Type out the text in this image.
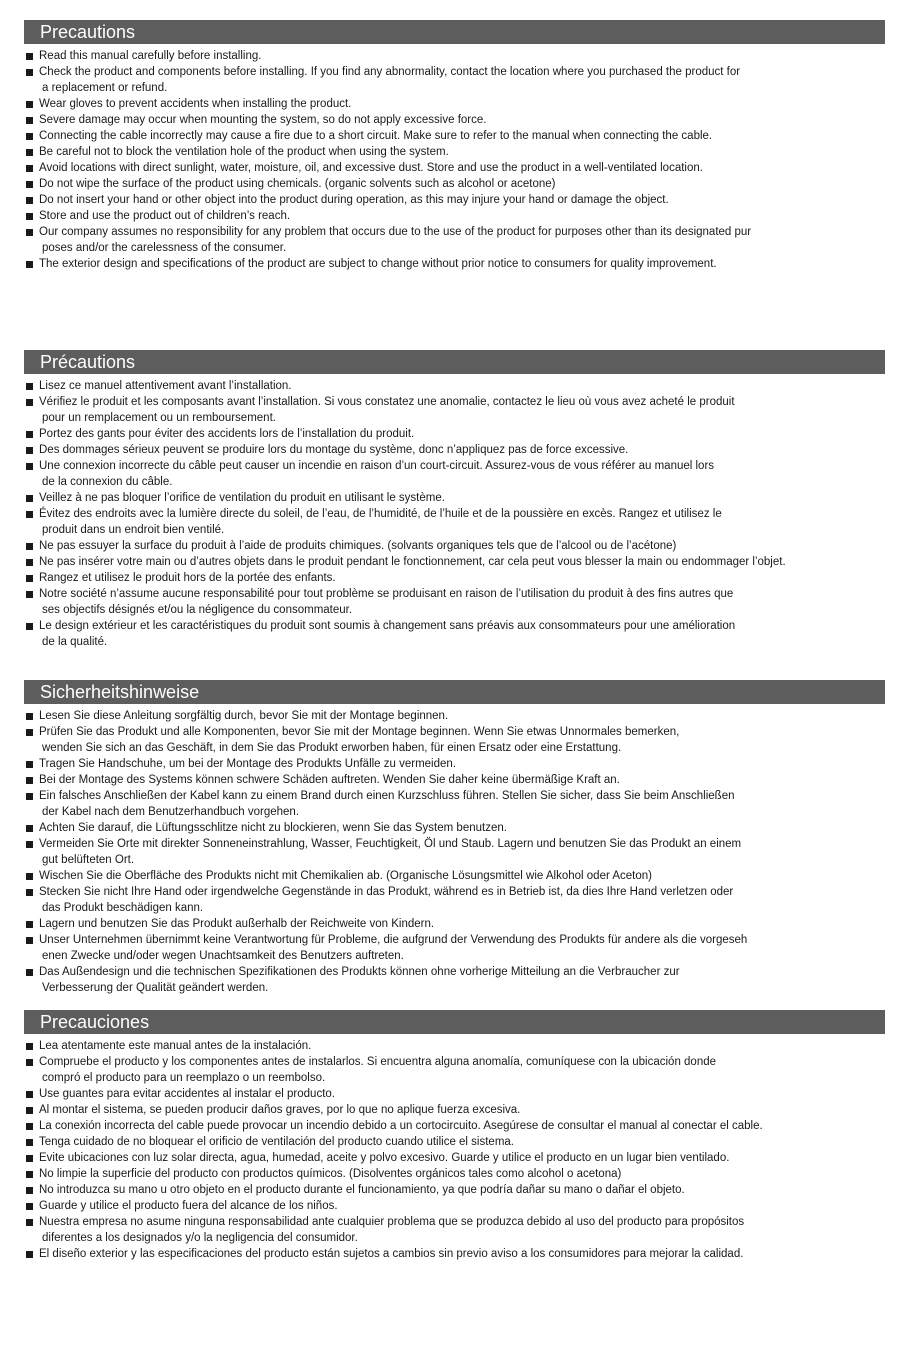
Precautions
Read this manual carefully before installing.
Check the product and components before installing. If you find any abnormality, contact the location where you purchased the product for
a replacement or refund.
Wear gloves to prevent accidents when installing the product.
Severe damage may occur when mounting the system, so do not apply excessive force.
Connecting the cable incorrectly may cause a fire due to a short circuit. Make sure to refer to the manual when connecting the cable.
Be careful not to block the ventilation hole of the product when using the system.
Avoid locations with direct sunlight, water, moisture, oil, and excessive dust. Store and use the product in a well-ventilated location.
Do not wipe the surface of the product using chemicals. (organic solvents such as alcohol or acetone)
Do not insert your hand or other object into the product during operation, as this may injure your hand or damage the object.
Store and use the product out of children’s reach.
Our company assumes no responsibility for any problem that occurs due to the use of the product for purposes other than its designated pur
poses and/or the carelessness of the consumer.
The exterior design and specifications of the product are subject to change without prior notice to consumers for quality improvement.
Précautions
Lisez ce manuel attentivement avant l’installation.
Vérifiez le produit et les composants avant l’installation. Si vous constatez une anomalie, contactez le lieu où vous avez acheté le produit
pour un remplacement ou un remboursement.
Portez des gants pour éviter des accidents lors de l’installation du produit.
Des dommages sérieux peuvent se produire lors du montage du système, donc n’appliquez pas de force excessive.
Une connexion incorrecte du câble peut causer un incendie en raison d’un court-circuit. Assurez-vous de vous référer au manuel lors
de la connexion du câble.
Veillez à ne pas bloquer l’orifice de ventilation du produit en utilisant le système.
Évitez des endroits avec la lumière directe du soleil, de l’eau, de l’humidité, de l’huile et de la poussière en excès. Rangez et utilisez le
produit dans un endroit bien ventilé.
Ne pas essuyer la surface du produit à l’aide de produits chimiques. (solvants organiques tels que de l’alcool ou de l’acétone)
Ne pas insérer votre main ou d’autres objets dans le produit pendant le fonctionnement, car cela peut vous blesser la main ou endommager l’objet.
Rangez et utilisez le produit hors de la portée des enfants.
Notre société n’assume aucune responsabilité pour tout problème se produisant en raison de l’utilisation du produit à des fins autres que
ses objectifs désignés et/ou la négligence du consommateur.
Le design extérieur et les caractéristiques du produit sont soumis à changement sans préavis aux consommateurs pour une amélioration
de la qualité.
Sicherheitshinweise
Lesen Sie diese Anleitung sorgfältig durch, bevor Sie mit der Montage beginnen.
Prüfen Sie das Produkt und alle Komponenten, bevor Sie mit der Montage beginnen. Wenn Sie etwas Unnormales bemerken,
wenden Sie sich an das Geschäft, in dem Sie das Produkt erworben haben, für einen Ersatz oder eine Erstattung.
Tragen Sie Handschuhe, um bei der Montage des Produkts Unfälle zu vermeiden.
Bei der Montage des Systems können schwere Schäden auftreten. Wenden Sie daher keine übermäßige Kraft an.
Ein falsches Anschließen der Kabel kann zu einem Brand durch einen Kurzschluss führen. Stellen Sie sicher, dass Sie beim Anschließen
der Kabel nach dem Benutzerhandbuch vorgehen.
Achten Sie darauf, die Lüftungsschlitze nicht zu blockieren, wenn Sie das System benutzen.
Vermeiden Sie Orte mit direkter Sonneneinstrahlung, Wasser, Feuchtigkeit, Öl und Staub. Lagern und benutzen Sie das Produkt an einem
gut belüfteten Ort.
Wischen Sie die Oberfläche des Produkts nicht mit Chemikalien ab. (Organische Lösungsmittel wie Alkohol oder Aceton)
Stecken Sie nicht Ihre Hand oder irgendwelche Gegenstände in das Produkt, während es in Betrieb ist, da dies Ihre Hand verletzen oder
das Produkt beschädigen kann.
Lagern und benutzen Sie das Produkt außerhalb der Reichweite von Kindern.
Unser Unternehmen übernimmt keine Verantwortung für Probleme, die aufgrund der Verwendung des Produkts für andere als die vorgeseh
enen Zwecke und/oder wegen Unachtsamkeit des Benutzers auftreten.
Das Außendesign und die technischen Spezifikationen des Produkts können ohne vorherige Mitteilung an die Verbraucher zur
Verbesserung der Qualität geändert werden.
Precauciones
Lea atentamente este manual antes de la instalación.
Compruebe el producto y los componentes antes de instalarlos. Si encuentra alguna anomalía, comuníquese con la ubicación donde
compró el producto para un reemplazo o un reembolso.
Use guantes para evitar accidentes al instalar el producto.
Al montar el sistema, se pueden producir daños graves, por lo que no aplique fuerza excesiva.
La conexión incorrecta del cable puede provocar un incendio debido a un cortocircuito. Asegúrese de consultar el manual al conectar el cable.
Tenga cuidado de no bloquear el orificio de ventilación del producto cuando utilice el sistema.
Evite ubicaciones con luz solar directa, agua, humedad, aceite y polvo excesivo. Guarde y utilice el producto en un lugar bien ventilado.
No limpie la superficie del producto con productos químicos. (Disolventes orgánicos tales como alcohol o acetona)
No introduzca su mano u otro objeto en el producto durante el funcionamiento, ya que podría dañar su mano o dañar el objeto.
Guarde y utilice el producto fuera del alcance de los niños.
Nuestra empresa no asume ninguna responsabilidad ante cualquier problema que se produzca debido al uso del producto para propósitos
diferentes a los designados y/o la negligencia del consumidor.
El diseño exterior y las especificaciones del producto están sujetos a cambios sin previo aviso a los consumidores para mejorar la calidad.
